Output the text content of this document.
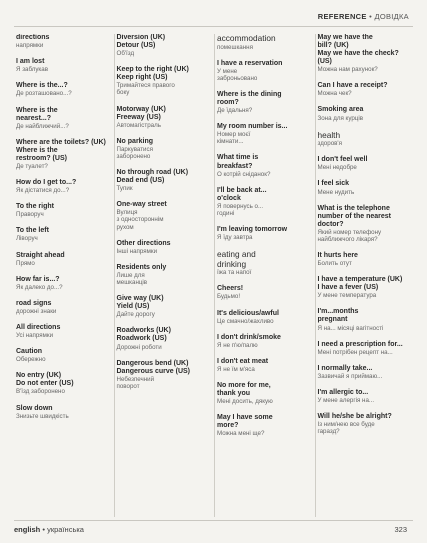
REFERENCE • ДОВІДКА
directions
напрямки
I am lost
Я заблукав
Where is the...?
Де розташовано...?
Where is the
nearest...?
Де найближчий...?
Where are the toilets? (UK)
Where is the
restroom? (US)
Де туалет?
How do I get to...?
Як дістатися до...?
To the right
Праворуч
To the left
Ліворуч
Straight ahead
Прямо
How far is...?
Як далеко до...?
road signs
дорожні знаки
All directions
Усі напрямки
Caution
Обережно
No entry (UK)
Do not enter (US)
В'їзд заборонено
Slow down
Знизьте швидкість
Diversion (UK)
Detour (US)
Об'їзд
Keep to the right (UK)
Keep right (US)
Тримайтеся правого
боку
Motorway (UK)
Freeway (US)
Автомагістраль
No parking
Паркуватися
заборонено
No through road (UK)
Dead end (US)
Тупик
One-way street
Вулиця
з одностороннім
рухом
Other directions
Інші напрямки
Residents only
Лише для
мешканців
Give way (UK)
Yield (US)
Дайте дорогу
Roadworks (UK)
Roadwork (US)
Дорожні роботи
Dangerous bend (UK)
Dangerous curve (US)
Небезпечний
поворот
accommodation
помешкання
I have a reservation
У мене
заброньовано
Where is the dining
room?
Де їдальня?
My room number is...
Номер моєї
кімнати...
What time is
breakfast?
О котрій сніданок?
I'll be back at...
o'clock
Я повернусь о...
годині
I'm leaving tomorrow
Я їду завтра
eating and
drinking
їжа та напої
Cheers!
Будьмо!
It's delicious/awful
Це смачно/жахливо
I don't drink/smoke
Я не п'ю/палю
I don't eat meat
Я не їм м'яса
No more for me,
thank you
Мені досить, дякую
May I have some
more?
Можна мені ще?
May we have the
bill? (UK)
May we have the check?
(US)
Можна нам рахунок?
Can I have a receipt?
Можна чек?
Smoking area
Зона для курців
health
здоров'я
I don't feel well
Мені недобре
I feel sick
Мене нудить
What is the telephone
number of the nearest
doctor?
Який номер телефону
найближчого лікаря?
It hurts here
Болить отут
I have a temperature (UK)
I have a fever (US)
У мене температура
I'm...months
pregnant
Я на... місяці вагітності
I need a prescription for...
Мені потрібен рецепт на...
I normally take...
Зазвичай я приймаю...
I'm allergic to...
У мене алергія на...
Will he/she be alright?
Із ним/нею все буде
гаразд?
english • українська	323
